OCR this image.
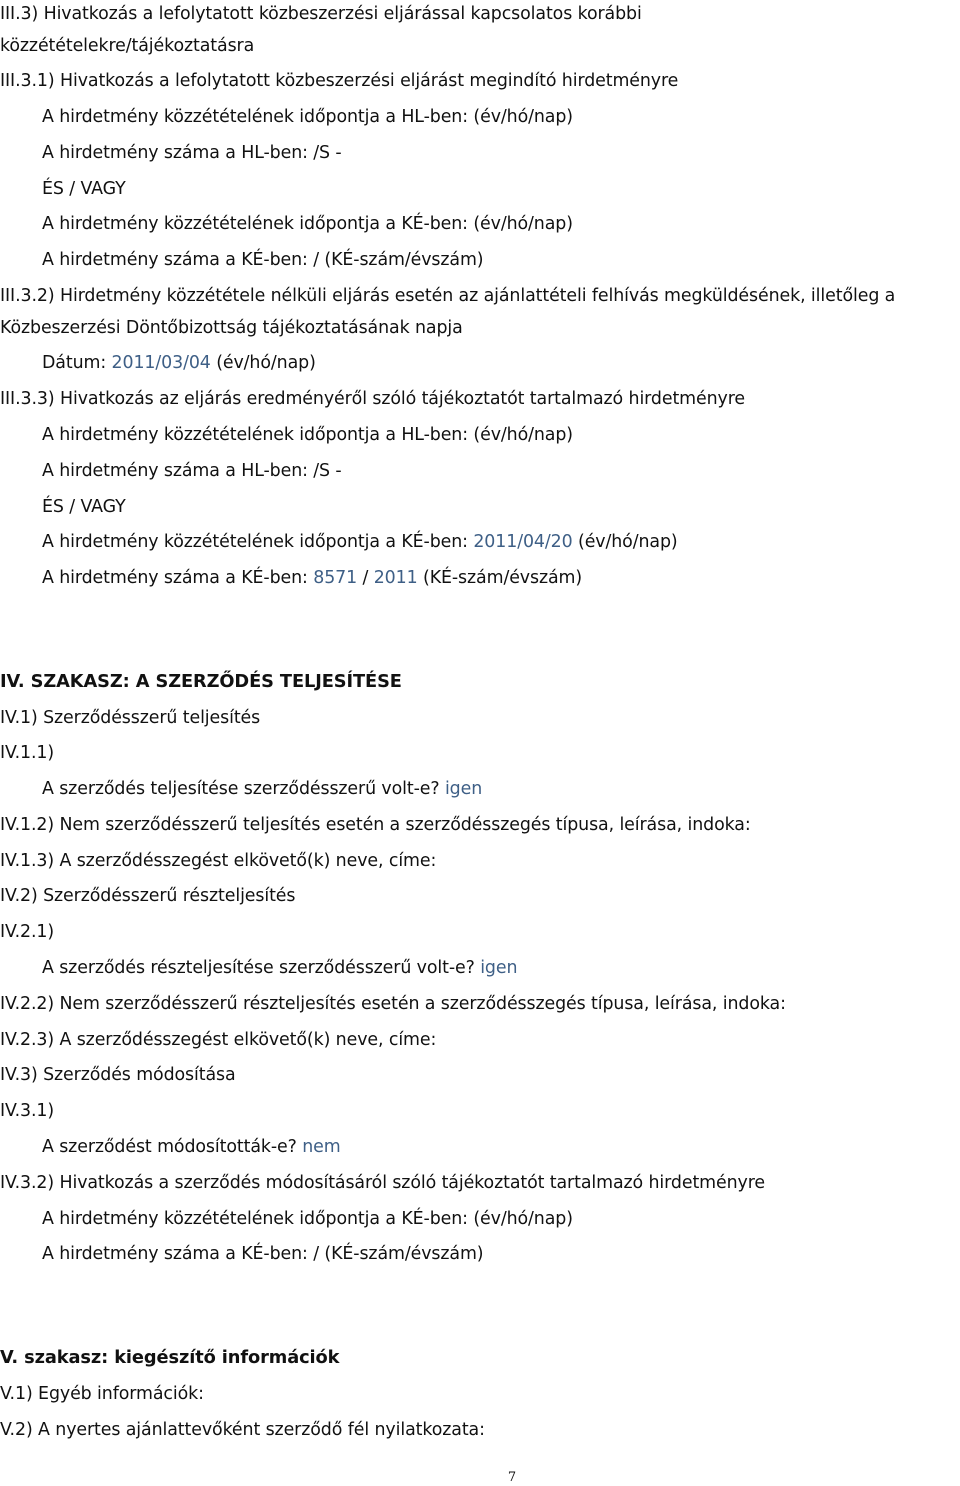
III.3) Hivatkozás a lefolytatott közbeszerzési eljárással kapcsolatos korábbi
közzétételekre/tájékoztatásra
III.3.1) Hivatkozás a lefolytatott közbeszerzési eljárást megindító hirdetményre
A hirdetmény közzétételének időpontja a HL-ben: (év/hó/nap)
A hirdetmény száma a HL-ben: /S -
ÉS / VAGY
A hirdetmény közzétételének időpontja a KÉ-ben: (év/hó/nap)
A hirdetmény száma a KÉ-ben: / (KÉ-szám/évszám)
III.3.2) Hirdetmény közzététele nélküli eljárás esetén az ajánlattételi felhívás megküldésének, illetőleg a
Közbeszerzési Döntőbizottság tájékoztatásának napja
Dátum: 2011/03/04 (év/hó/nap)
III.3.3) Hivatkozás az eljárás eredményéről szóló tájékoztatót tartalmazó hirdetményre
A hirdetmény közzétételének időpontja a HL-ben: (év/hó/nap)
A hirdetmény száma a HL-ben: /S -
ÉS / VAGY
A hirdetmény közzétételének időpontja a KÉ-ben: 2011/04/20 (év/hó/nap)
A hirdetmény száma a KÉ-ben: 8571 / 2011 (KÉ-szám/évszám)
IV. SZAKASZ: A SZERZŐDÉS TELJESÍTÉSE
IV.1) Szerződésszerű teljesítés
IV.1.1)
A szerződés teljesítése szerződésszerű volt-e? igen
IV.1.2) Nem szerződésszerű teljesítés esetén a szerződésszegés típusa, leírása, indoka:
IV.1.3) A szerződésszegést elkövető(k) neve, címe:
IV.2) Szerződésszerű részteljesítés
IV.2.1)
A szerződés részteljesítése szerződésszerű volt-e? igen
IV.2.2) Nem szerződésszerű részteljesítés esetén a szerződésszegés típusa, leírása, indoka:
IV.2.3) A szerződésszegést elkövető(k) neve, címe:
IV.3) Szerződés módosítása
IV.3.1)
A szerződést módosították-e? nem
IV.3.2) Hivatkozás a szerződés módosításáról szóló tájékoztatót tartalmazó hirdetményre
A hirdetmény közzétételének időpontja a KÉ-ben: (év/hó/nap)
A hirdetmény száma a KÉ-ben: / (KÉ-szám/évszám)
V. szakasz: kiegészítő információk
V.1) Egyéb információk:
V.2) A nyertes ajánlattevőként szerződő fél nyilatkozata:
7
